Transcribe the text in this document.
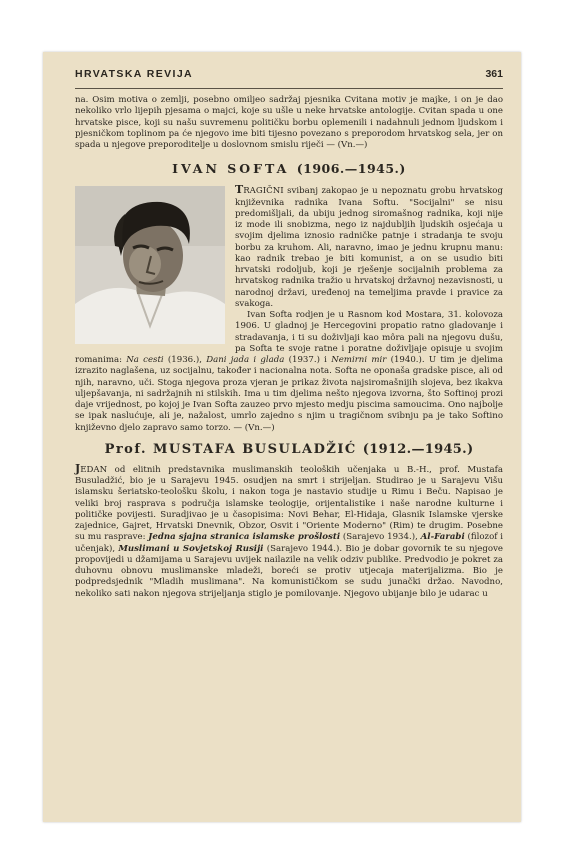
HRVATSKA REVIJA	361

na. Osim motiva o zemlji, posebno omiljeo sadržaj pjesnika Cvitana motiv je majke, i on je dao nekoliko vrlo lijepih pjesama o majci, koje su ušle u neke hrvatske antologije. Cvitan spada u one hrvatske pisce, koji su našu suvremenu političku borbu oplemenili i nadahnuli jednom ljudskom i pjesničkom toplinom pa će njegovo ime biti tijesno povezano s preporodom hrvatskog sela, jer on spada u njegove preporoditelje u doslovnom smislu riječi — (Vn.—)

IVAN SOFTA (1906.—1945.)

TRAGIČNI svibanj zakopao je u nepoznatu grobu hrvatskog književnika radnika Ivana Softu. "Socijalni" se nisu predomišljali, da ubiju jednog siromašnog radnika, koji nije iz mode ili snobizma, nego iz najdubljih ljudskih osjećaja u svojim djelima iznosio radničke patnje i stradanja te svoju borbu za kruhom. Ali, naravno, imao je jednu krupnu manu: kao radnik trebao je biti komunist, a on se usudio biti hrvatski rodoljub, koji je rješenje socijalnih problema za hrvatskog radnika tražio u hrvatskoj državnoj nezavisnosti, u narodnoj državi, uređenoj na temeljima pravde i pravice za svakoga.

Ivan Softa rodjen je u Rasnom kod Mostara, 31. kolovoza 1906. U gladnoj je Hercegovini propatio ratno gladovanje i stradavanja, i ti su doživljaji kao môra pali na njegovu dušu, pa Softa te svoje ratne i poratne doživljaje opisuje u svojim romanima: Na cesti (1936.), Dani jada i glada (1937.) i Nemirni mir (1940.). U tim je djelima izrazito naglašena, uz socijalnu, također i nacionalna nota. Softa ne oponaša gradske pisce, ali od njih, naravno, uči. Stoga njegova proza vjeran je prikaz života najsiromašnijih slojeva, bez ikakva uljepšavanja, ni sadržajnih ni stilskih. Ima u tim djelima nešto njegova izvorna, što Softinoj prozi daje vrijednost, po kojoj je Ivan Softa zauzeo prvo mjesto medju piscima samoucima. Ono najbolje se ipak naslućuje, ali je, nažalost, umrlo zajedno s njim u tragičnom svibnju pa je tako Softino književno djelo zapravo samo torzo. — (Vn.—)

Prof. MUSTAFA BUSULADŽIĆ (1912.—1945.)

JEDAN od elitnih predstavnika muslimanskih teoloških učenjaka u B.-H., prof. Mustafa Busuladžić, bio je u Sarajevu 1945. osudjen na smrt i strijeljan. Studirao je u Sarajevu Višu islamsku šeriatsko-teološku školu, i nakon toga je nastavio studije u Rimu i Beču. Napisao je veliki broj rasprava s područja islamske teologije, orijentalistike i naše narodne kulturne i političke povijesti. Suradjivao je u časopisima: Novi Behar, El-Hidaja, Glasnik Islamske vjerske zajednice, Gajret, Hrvatski Dnevnik, Obzor, Osvit i "Oriente Moderno" (Rim) te drugim. Posebne su mu rasprave: Jedna sjajna stranica islamske prošlosti (Sarajevo 1934.), Al-Farabi (filozof i učenjak), Muslimani u Sovjetskoj Rusiji (Sarajevo 1944.). Bio je dobar govornik te su njegove propovijedi u džamijama u Sarajevu uvijek nailazile na velik odziv publike. Predvodio je pokret za duhovnu obnovu muslimanske mladeži, boreći se protiv utjecaja materijalizma. Bio je podpredsjednik "Mladih muslimana". Na komunističkom se sudu junački držao. Navodno, nekoliko sati nakon njegova strijeljanja stiglo je pomilovanje. Njegovo ubijanje bilo je udarac u
